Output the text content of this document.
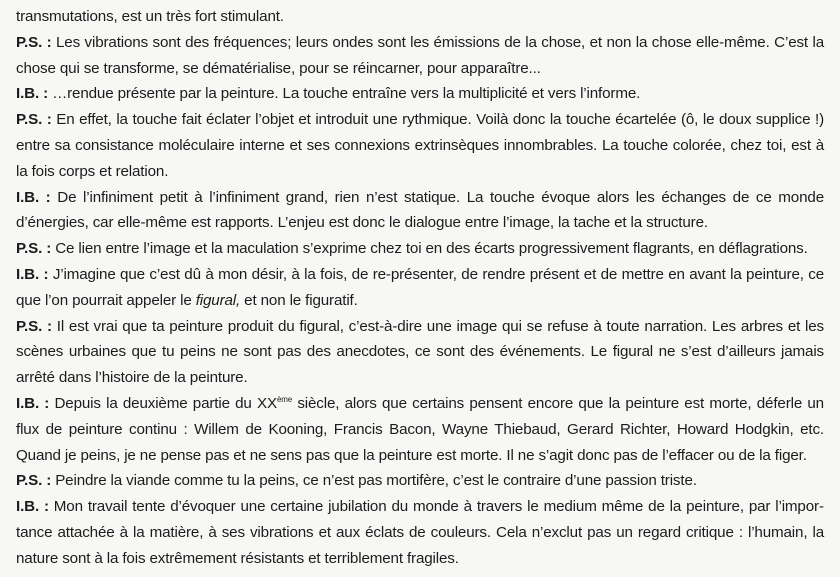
transmutations, est un très fort stimulant.

P.S. : Les vibrations sont des fréquences; leurs ondes sont les émissions de la chose, et non la chose elle-même. C’est la chose qui se transforme, se dématérialise, pour se réincarner, pour apparaître...

I.B. : …rendue présente par la peinture. La touche entraîne vers la multiplicité et vers l’informe.

P.S. : En effet, la touche fait éclater l’objet et introduit une rythmique. Voilà donc la touche écartelée (ô, le doux supplice !) entre sa consistance moléculaire interne et ses connexions extrinsèques innombrables. La touche colorée, chez toi, est à la fois corps et relation.

I.B. : De l’infiniment petit à l’infiniment grand, rien n’est statique. La touche évoque alors les échanges de ce monde d’énergies, car elle-même est rapports. L’enjeu est donc le dialogue entre l’image, la tache et la structure.

P.S. : Ce lien entre l’image et la maculation s’exprime chez toi en des écarts progressivement flagrants, en déflagrations.

I.B. : J’imagine que c’est dû à mon désir, à la fois, de re-présenter, de rendre présent et de mettre en avant la peinture, ce que l’on pourrait appeler le figural, et non le figuratif.

P.S. : Il est vrai que ta peinture produit du figural, c’est-à-dire une image qui se refuse à toute narration. Les arbres et les scènes urbaines que tu peins ne sont pas des anecdotes, ce sont des événements. Le figural ne s’est d’ailleurs jamais arrêté dans l’histoire de la peinture.

I.B. : Depuis la deuxième partie du XXème siècle, alors que certains pensent encore que la peinture est morte, déferle un flux de peinture continu : Willem de Kooning, Francis Bacon, Wayne Thiebaud, Gerard Richter, Howard Hodgkin, etc. Quand je peins, je ne pense pas et ne sens pas que la peinture est morte. Il ne s’agit donc pas de l’effacer ou de la figer.

P.S. : Peindre la viande comme tu la peins, ce n’est pas mortifère, c’est le contraire d’une passion triste.

I.B. : Mon travail tente d’évoquer une certaine jubilation du monde à travers le medium même de la peinture, par l’importance attachée à la matière, à ses vibrations et aux éclats de couleurs. Cela n’exclut pas un regard critique : l’humain, la nature sont à la fois extrêmement résistants et terriblement fragiles.
